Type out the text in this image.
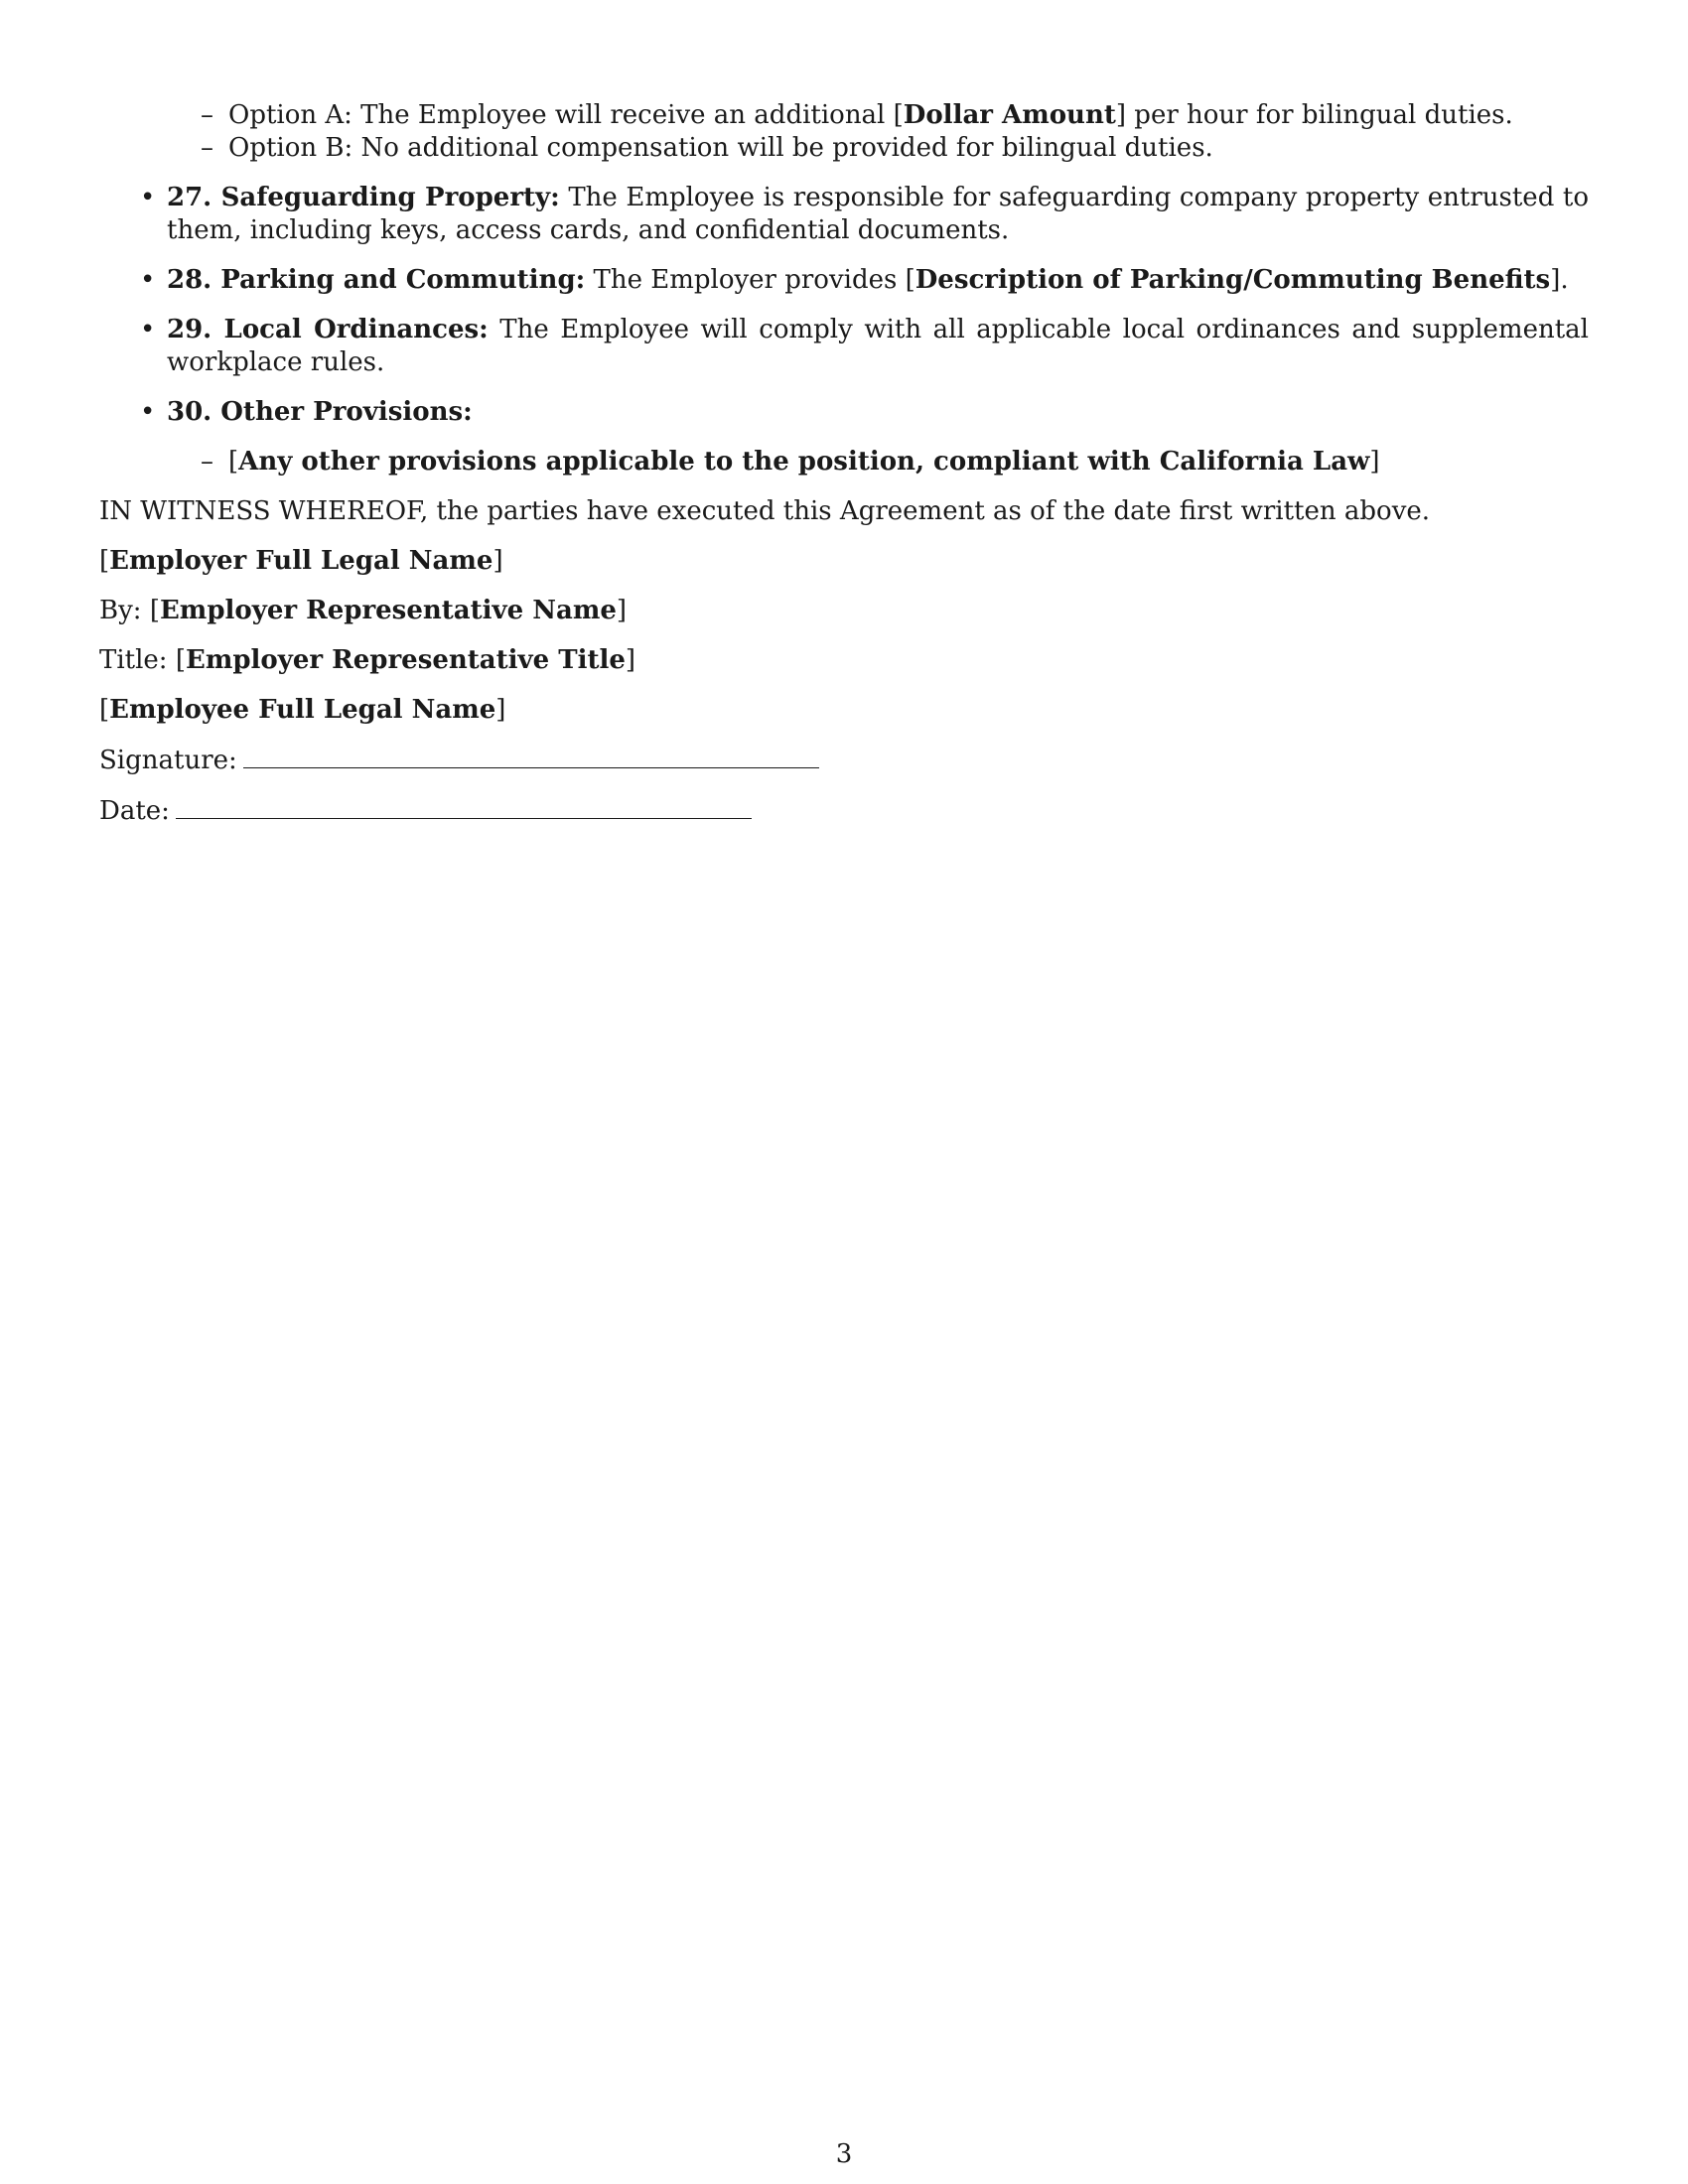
– Option A: The Employee will receive an additional [Dollar Amount] per hour for bilingual duties.
– Option B: No additional compensation will be provided for bilingual duties.
• 27. Safeguarding Property: The Employee is responsible for safeguarding company property entrusted to them, including keys, access cards, and confidential documents.
• 28. Parking and Commuting: The Employer provides [Description of Parking/Commuting Benefits].
• 29. Local Ordinances: The Employee will comply with all applicable local ordinances and supplemental workplace rules.
• 30. Other Provisions:
– [Any other provisions applicable to the position, compliant with California Law]

IN WITNESS WHEREOF, the parties have executed this Agreement as of the date first written above.

[Employer Full Legal Name]

By: [Employer Representative Name]

Title: [Employer Representative Title]

[Employee Full Legal Name]

Signature:

Date:

3
